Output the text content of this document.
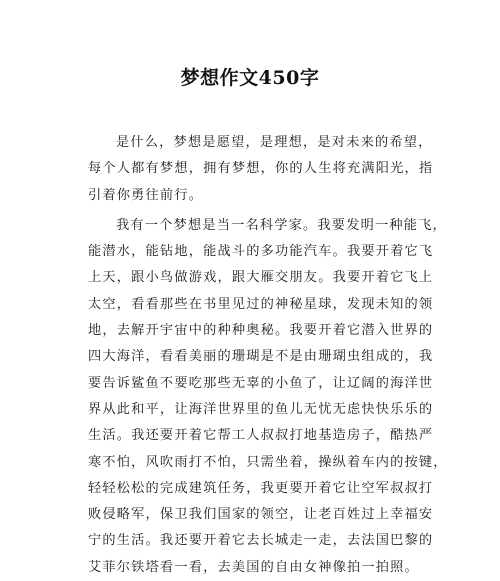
梦想作文450字
是什么，梦想是愿望，是理想，是对未来的希望，
每个人都有梦想，拥有梦想，你的人生将充满阳光，指
引着你勇往前行。
我有一个梦想是当一名科学家。我要发明一种能飞，
能潜水，能钻地，能战斗的多功能汽车。我要开着它飞
上天，跟小鸟做游戏，跟大雁交朋友。我要开着它飞上
太空，看看那些在书里见过的神秘星球，发现未知的领
地，去解开宇宙中的种种奥秘。我要开着它潜入世界的
四大海洋，看看美丽的珊瑚是不是由珊瑚虫组成的，我
要告诉鲨鱼不要吃那些无辜的小鱼了，让辽阔的海洋世
界从此和平，让海洋世界里的鱼儿无忧无虑快快乐乐的
生活。我还要开着它帮工人叔叔打地基造房子，酷热严
寒不怕，风吹雨打不怕，只需坐着，操纵着车内的按键，
轻轻松松的完成建筑任务，我更要开着它让空军叔叔打
败侵略军，保卫我们国家的领空，让老百姓过上幸福安
宁的生活。我还要开着它去长城走一走，去法国巴黎的
艾菲尔铁塔看一看，去美国的自由女神像拍一拍照。
